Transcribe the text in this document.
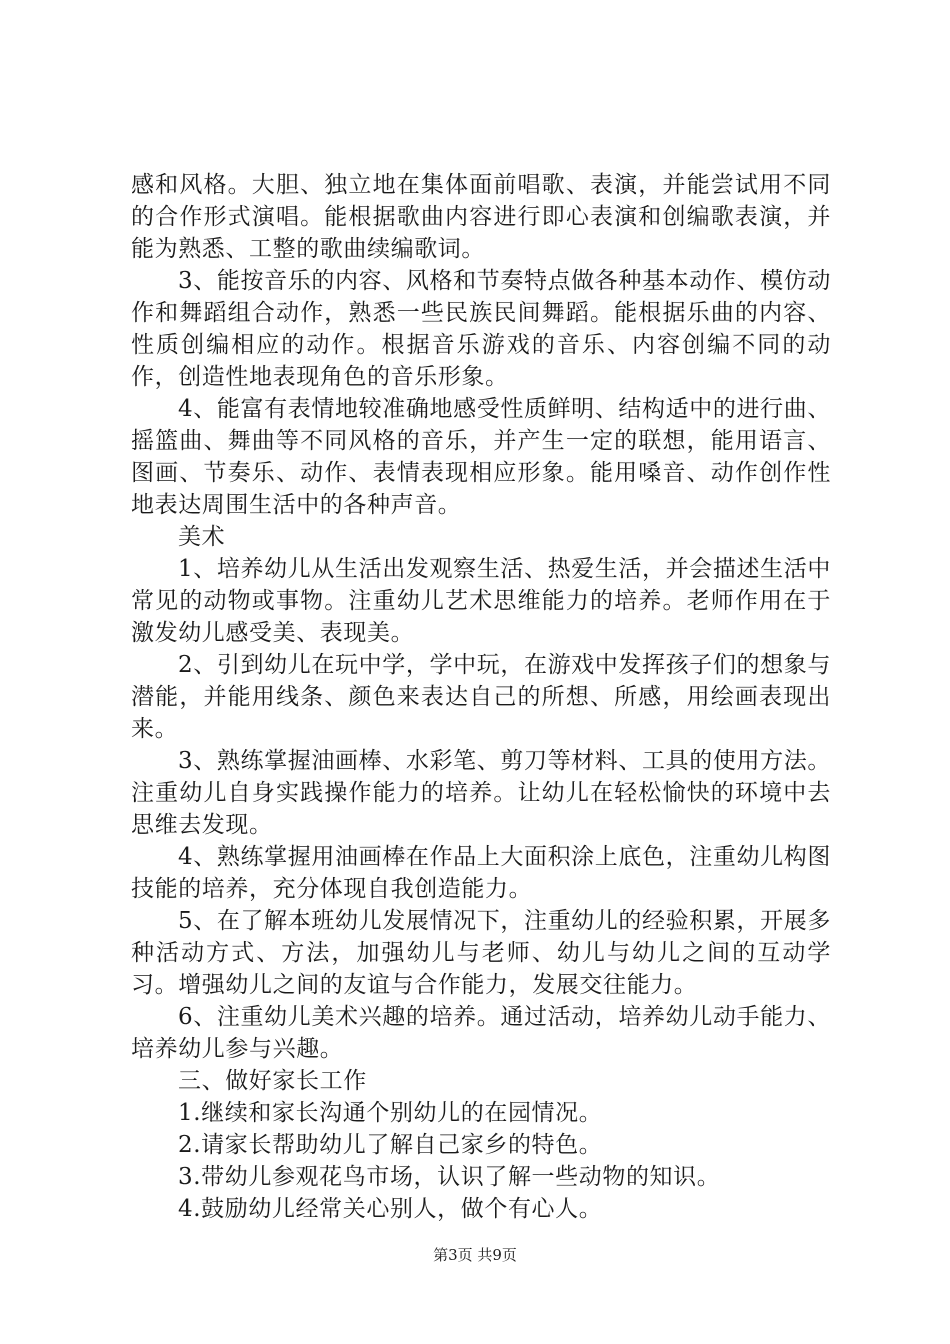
感和风格。大胆、独立地在集体面前唱歌、表演，并能尝试用不同的合作形式演唱。能根据歌曲内容进行即心表演和创编歌表演，并能为熟悉、工整的歌曲续编歌词。

3、能按音乐的内容、风格和节奏特点做各种基本动作、模仿动作和舞蹈组合动作，熟悉一些民族民间舞蹈。能根据乐曲的内容、性质创编相应的动作。根据音乐游戏的音乐、内容创编不同的动作，创造性地表现角色的音乐形象。

4、能富有表情地较准确地感受性质鲜明、结构适中的进行曲、摇篮曲、舞曲等不同风格的音乐，并产生一定的联想，能用语言、图画、节奏乐、动作、表情表现相应形象。能用嗓音、动作创作性地表达周围生活中的各种声音。

美术

1、培养幼儿从生活出发观察生活、热爱生活，并会描述生活中常见的动物或事物。注重幼儿艺术思维能力的培养。老师作用在于激发幼儿感受美、表现美。

2、引到幼儿在玩中学，学中玩，在游戏中发挥孩子们的想象与潜能，并能用线条、颜色来表达自己的所想、所感，用绘画表现出来。

3、熟练掌握油画棒、水彩笔、剪刀等材料、工具的使用方法。注重幼儿自身实践操作能力的培养。让幼儿在轻松愉快的环境中去思维去发现。

4、熟练掌握用油画棒在作品上大面积涂上底色，注重幼儿构图技能的培养，充分体现自我创造能力。

5、在了解本班幼儿发展情况下，注重幼儿的经验积累，开展多种活动方式、方法，加强幼儿与老师、幼儿与幼儿之间的互动学习。增强幼儿之间的友谊与合作能力，发展交往能力。

6、注重幼儿美术兴趣的培养。通过活动，培养幼儿动手能力、培养幼儿参与兴趣。

三、做好家长工作

1.继续和家长沟通个别幼儿的在园情况。

2.请家长帮助幼儿了解自己家乡的特色。

3.带幼儿参观花鸟市场，认识了解一些动物的知识。

4.鼓励幼儿经常关心别人，做个有心人。

第3页 共9页
